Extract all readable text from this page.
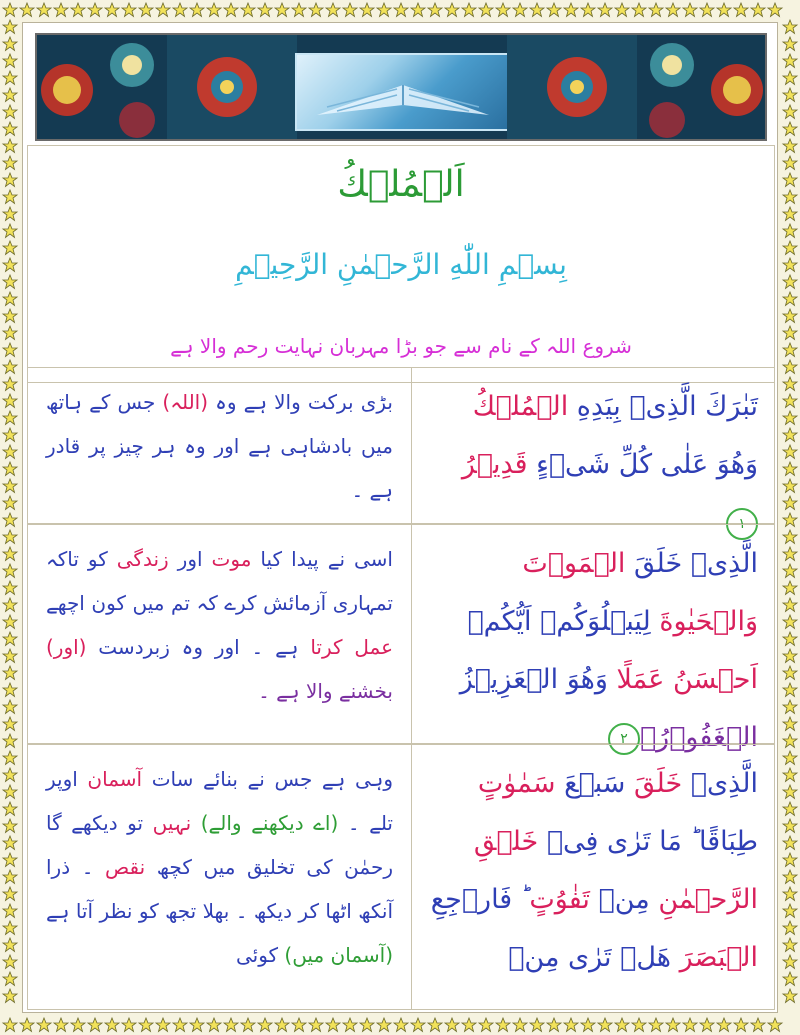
اَلۡمُلۡكُ
بِسۡمِ اللّٰهِ الرَّحۡمٰنِ الرَّحِيۡمِ
شروع اللہ کے نام سے جو بڑا مہربان نہایت رحم والا ہے
بڑی برکت والا ہے وہ (اللہ) جس کے ہاتھ میں بادشاہی ہے اور وہ ہر چیز پر قادر ہے ۔
تَبٰرَكَ الَّذِىۡ بِيَدِهِ الۡمُلۡكُ وَهُوَ عَلٰى كُلِّ شَىۡءٍ قَدِيۡرُ١
اسی نے پیدا کیا موت اور زندگی کو تاکہ تمہاری آزمائش کرے کہ تم میں کون اچھے عمل کرتا ہے ۔ اور وہ زبردست (اور) بخشنے والا ہے ۔
الَّذِىۡ خَلَقَ الۡمَوۡتَ وَالۡحَيٰوةَ لِيَبۡلُوَكُمۡ اَيُّكُمۡ اَحۡسَنُ عَمَلًا وَهُوَ الۡعَزِيۡزُ الۡغَفُوۡرُۙ٢
وہی ہے جس نے بنائے سات آسمان اوپر تلے ۔ (اے دیکھنے والے) نہیں تو دیکھے گا رحمٰن کی تخلیق میں کچھ نقص ۔ ذرا آنکھ اٹھا کر دیکھ ۔ بھلا تجھ کو نظر آتا ہے (آسمان میں) کوئی
الَّذِىۡ خَلَقَ سَبۡعَ سَمٰوٰتٍ طِبَاقًا ؕ مَا تَرٰى فِىۡ خَلۡقِ الرَّحۡمٰنِ مِنۡ تَفٰوُتٍ ؕ فَارۡجِعِ الۡبَصَرَ هَلۡ تَرٰى مِنۡ
